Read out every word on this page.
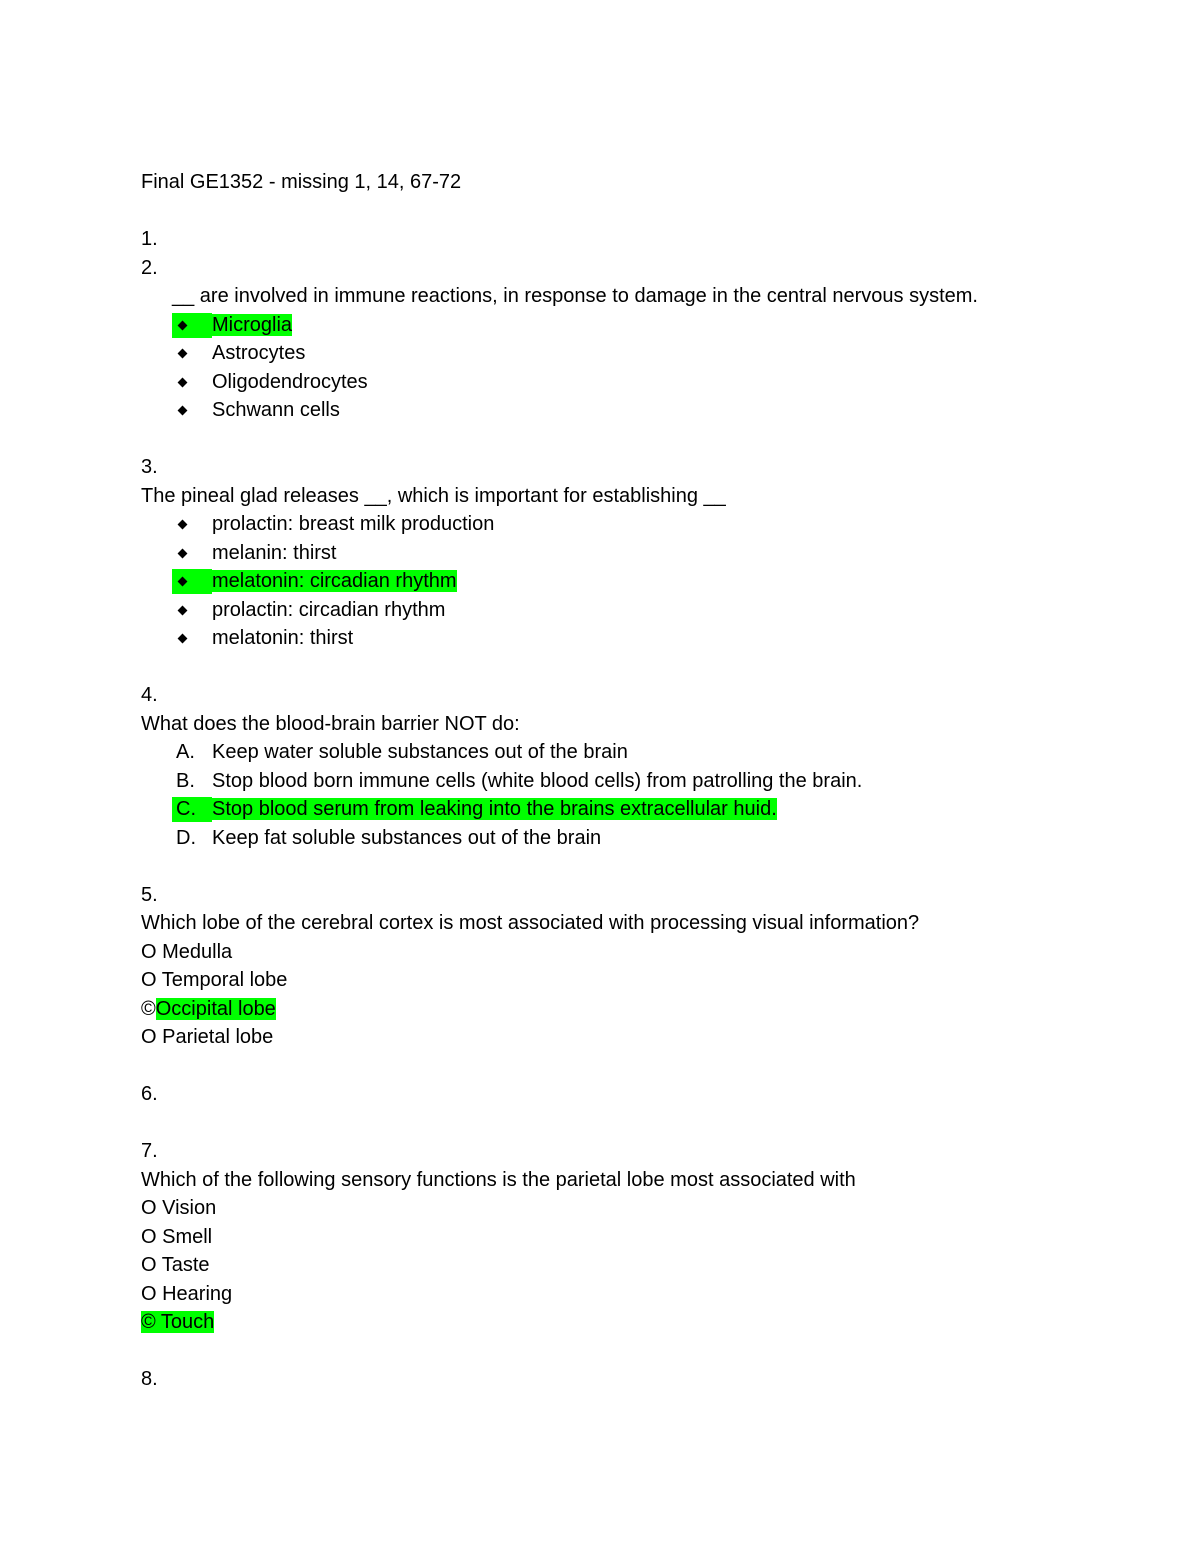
Final GE1352 - missing 1, 14, 67-72
1.
2.
__ are involved in immune reactions, in response to damage in the central nervous system.
Microglia
Astrocytes
Oligodendrocytes
Schwann cells
3.
The pineal glad releases __, which is important for establishing __
prolactin: breast milk production
melanin: thirst
melatonin: circadian rhythm
prolactin: circadian rhythm
melatonin: thirst
4.
What does the blood-brain barrier NOT do:
A. Keep water soluble substances out of the brain
B. Stop blood born immune cells (white blood cells) from patrolling the brain.
C. Stop blood serum from leaking into the brains extracellular huid.
D. Keep fat soluble substances out of the brain
5.
Which lobe of the cerebral cortex is most associated with processing visual information?
O Medulla
O Temporal lobe
©Occipital lobe
O Parietal lobe
6.
7.
Which of the following sensory functions is the parietal lobe most associated with
O Vision
O Smell
O Taste
O Hearing
© Touch
8.
